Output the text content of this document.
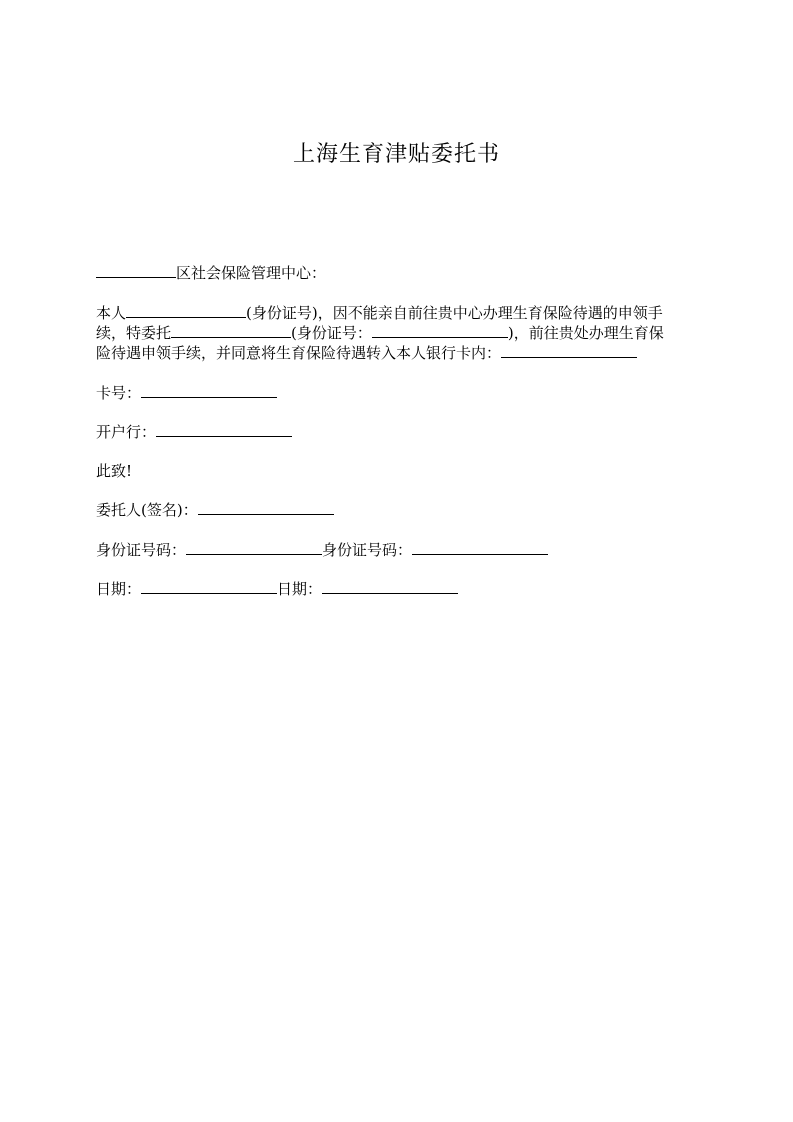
上海生育津贴委托书
区社会保险管理中心：
本人	(身份证号)，因不能亲自前往贵中心办理生育保险待遇的申领手
续，特委托	(身份证号：	)，前往贵处办理生育保
险待遇申领手续，并同意将生育保险待遇转入本人银行卡内：
卡号：
开户行：
此致!
委托人(签名)：
身份证号码：	身份证号码：
日期：	日期：
